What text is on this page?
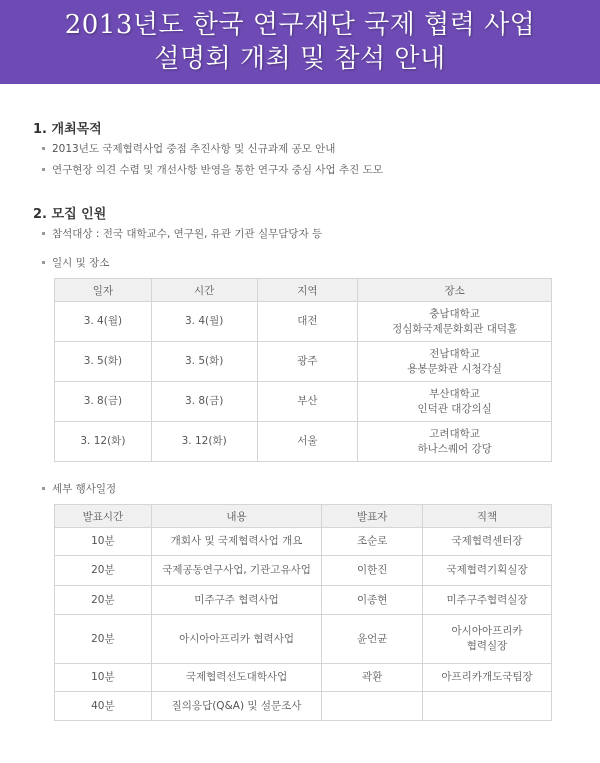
2013년도 한국 연구재단 국제 협력 사업
설명회 개최 및 참석 안내
1. 개최목적
2013년도 국제협력사업 중점 추진사항 및 신규과제 공모 안내
연구현장 의견 수렴 및 개선사항 반영을 통한 연구자 중심 사업 추진 도모
2. 모집 인원
참석대상 : 전국 대학교수, 연구원, 유관 기관 실무담당자 등
일시 및 장소
일자	시간	지역	장소
3. 4(월)	3. 4(월)	대전	충남대학교
정심화국제문화회관 대덕홀

3. 5(화)	3. 5(화)	광주	전남대학교
용봉문화관 시청각실

3. 8(금)	3. 8(금)	부산	부산대학교
인덕관 대강의실

3. 12(화)	3. 12(화)	서울	고려대학교
하나스퀘어 강당
세부 행사일정
발표시간	내용	발표자	직책
10분	개회사 및 국제협력사업 개요	조순로	국제협력센터장

20분	국제공동연구사업, 기관고유사업	이한진	국제협력기획실장

20분	미주구주 협력사업	이종현	미주구주협력실장

20분	아시아아프리카 협력사업	윤언균	아시아아프리카
협력실장

10분	국제협력선도대학사업	곽환	아프리카개도국팀장

40분	질의응답(Q&A) 및 설문조사		
